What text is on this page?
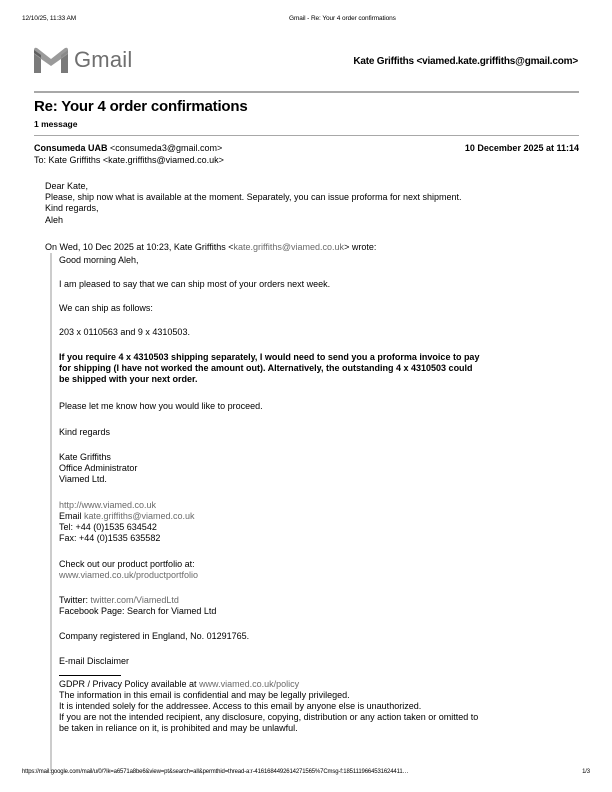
12/10/25, 11:33 AM	Gmail - Re: Your 4 order confirmations
Gmail	Kate Griffiths <viamed.kate.griffiths@gmail.com>
Re: Your 4 order confirmations
1 message
Consumeda UAB <consumeda3@gmail.com>
To: Kate Griffiths <kate.griffiths@viamed.co.uk>
10 December 2025 at 11:14

Dear Kate,

Please, ship now what is available at the moment. Separately, you can issue proforma for next shipment.

Kind regards,

Aleh

On Wed, 10 Dec 2025 at 10:23, Kate Griffiths <kate.griffiths@viamed.co.uk> wrote:
Good morning Aleh,
I am pleased to say that we can ship most of your orders next week.
We can ship as follows:
203 x 0110563 and 9 x 4310503.
If you require 4 x 4310503 shipping separately, I would need to send you a proforma invoice to pay
for shipping (I have not worked the amount out). Alternatively, the outstanding 4 x 4310503 could
be shipped with your next order.
Please let me know how you would like to proceed.
Kind regards
Kate Griffiths
Office Administrator
Viamed Ltd.
http://www.viamed.co.uk
Email kate.griffiths@viamed.co.uk
Tel: +44 (0)1535 634542
Fax: +44 (0)1535 635582
Check out our product portfolio at:
www.viamed.co.uk/productportfolio
Twitter: twitter.com/ViamedLtd
Facebook Page: Search for Viamed Ltd
Company registered in England, No. 01291765.
E-mail Disclaimer
GDPR / Privacy Policy available at www.viamed.co.uk/policy
The information in this email is confidential and may be legally privileged.
It is intended solely for the addressee. Access to this email by anyone else is unauthorized.
If you are not the intended recipient, any disclosure, copying, distribution or any action taken or omitted to
be taken in reliance on it, is prohibited and may be unlawful.
https://mail.google.com/mail/u/0/?ik=a6571a8be6&view=pt&search=all&permthid=thread-a:r-4161684492614271565%7Cmsg-f:1851119664531624411…	1/3
